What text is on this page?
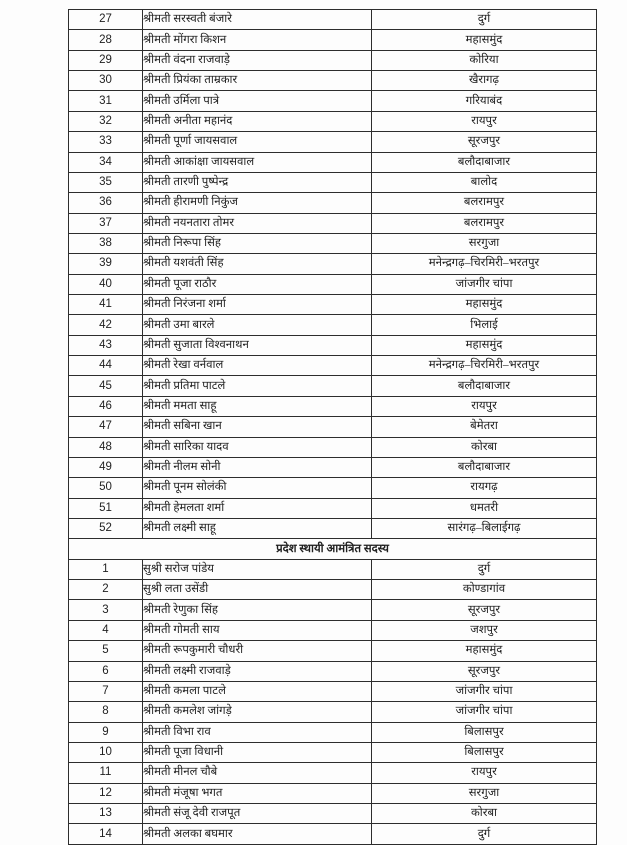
27	श्रीमती सरस्वती बंजारे	दुर्ग
28	श्रीमती मोंगरा किशन	महासमुंद
29	श्रीमती वंदना राजवाड़े	कोरिया
30	श्रीमती प्रियंका ताम्रकार	खैरागढ़
31	श्रीमती उर्मिला पात्रे	गरियाबंद
32	श्रीमती अनीता महानंद	रायपुर
33	श्रीमती पूर्णा जायसवाल	सूरजपुर
34	श्रीमती आकांक्षा जायसवाल	बलौदाबाजार
35	श्रीमती तारणी पुष्पेन्द्र	बालोद
36	श्रीमती हीरामणी निकुंज	बलरामपुर
37	श्रीमती नयनतारा तोमर	बलरामपुर
38	श्रीमती निरूपा सिंह	सरगुजा
39	श्रीमती यशवंती सिंह	मनेन्द्रगढ़–चिरमिरी–भरतपुर
40	श्रीमती पूजा राठौर	जांजगीर चांपा
41	श्रीमती निरंजना शर्मा	महासमुंद
42	श्रीमती उमा बारले	भिलाई
43	श्रीमती सुजाता विश्वनाथन	महासमुंद
44	श्रीमती रेखा वर्नवाल	मनेन्द्रगढ़–चिरमिरी–भरतपुर
45	श्रीमती प्रतिमा पाटले	बलौदाबाजार
46	श्रीमती ममता साहू	रायपुर
47	श्रीमती सबिना खान	बेमेतरा
48	श्रीमती सारिका यादव	कोरबा
49	श्रीमती नीलम सोनी	बलौदाबाजार
50	श्रीमती पूनम सोलंकी	रायगढ़
51	श्रीमती हेमलता शर्मा	धमतरी
52	श्रीमती लक्ष्मी साहू	सारंगढ़–बिलाईगढ़
प्रदेश स्थायी आमंत्रित सदस्य		
1	सुश्री सरोज पांडेय	दुर्ग
2	सुश्री लता उसेंडी	कोण्डागांव
3	श्रीमती रेणुका सिंह	सूरजपुर
4	श्रीमती गोमती साय	जशपुर
5	श्रीमती रूपकुमारी चौधरी	महासमुंद
6	श्रीमती लक्ष्मी राजवाड़े	सूरजपुर
7	श्रीमती कमला पाटले	जांजगीर चांपा
8	श्रीमती कमलेश जांगड़े	जांजगीर चांपा
9	श्रीमती विभा राव	बिलासपुर
10	श्रीमती पूजा विधानी	बिलासपुर
11	श्रीमती मीनल चौबे	रायपुर
12	श्रीमती मंजूषा भगत	सरगुजा
13	श्रीमती संजू देवी राजपूत	कोरबा
14	श्रीमती अलका बघमार	दुर्ग
